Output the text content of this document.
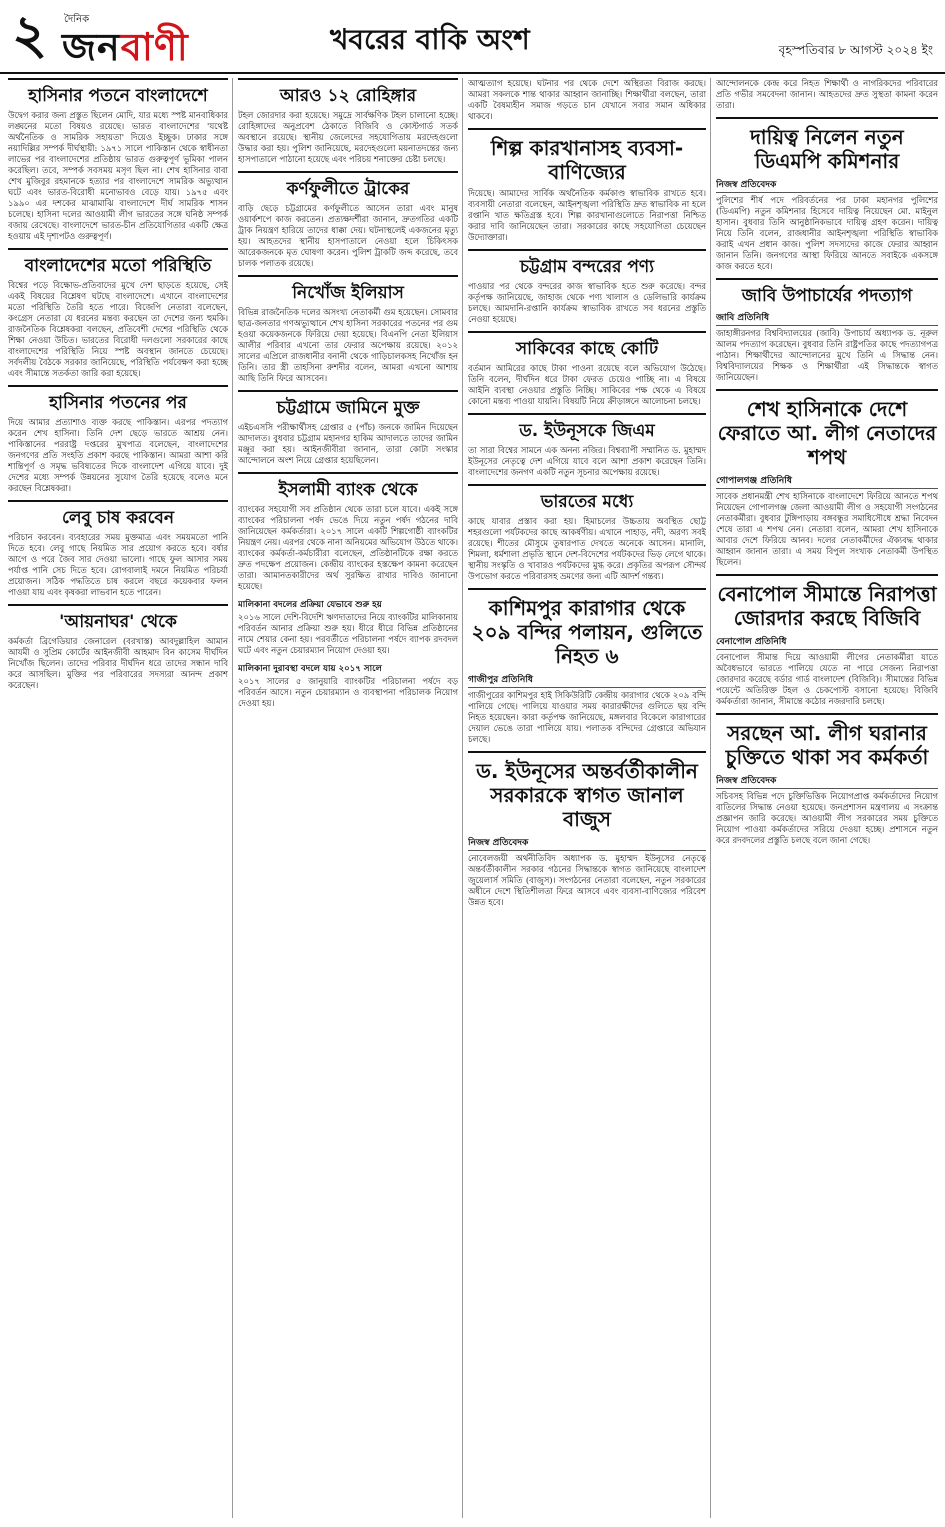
২ দৈনিক
জনবাণী	খবরের বাকি অংশ	বৃহস্পতিবার ৮ আগস্ট ২০২৪ ইং
হাসিনার পতনে বাংলাদেশে
উদ্বেগ করার জন্য প্রস্তুত ছিলেন মোদি, যার মধ্যে স্পষ্ট মানবাধিকার লঙ্ঘনের মতো বিষয়ও রয়েছে। ভারত বাংলাদেশের 'যথেষ্ট অর্থনৈতিক ও সামরিক সহায়তা' দিয়েও ইচ্ছুক। ঢাকার সঙ্গে নয়াদিল্লির সম্পর্ক দীর্ঘস্থায়ী: ১৯৭১ সালে পাকিস্তান থেকে স্বাধীনতা লাভের পর বাংলাদেশের প্রতিষ্ঠায় ভারত গুরুত্বপূর্ণ ভূমিকা পালন করেছিল। তবে, সম্পর্ক সবসময় মসৃণ ছিল না। শেখ হাসিনার বাবা শেখ মুজিবুর রহমানকে হত্যার পর বাংলাদেশে সামরিক অভ্যুত্থান ঘটে এবং ভারত-বিরোধী মনোভাবও বেড়ে যায়। ১৯৭৫ এবং ১৯৯০ এর দশকের মাঝামাঝি বাংলাদেশে দীর্ঘ সামরিক শাসন চলেছে। হাসিনা দলের আওয়ামী লীগ ভারতের সঙ্গে ঘনিষ্ঠ সম্পর্ক বজায় রেখেছে। বাংলাদেশে ভারত-চীন প্রতিযোগিতার একটি ক্ষেত্র হওয়ায় এই দৃশ্যপটও গুরুত্বপূর্ণ।
বাংলাদেশের মতো পরিস্থিতি
বিশ্বের পড়ে বিক্ষোভ-প্রতিবাদের মুখে দেশ ছাড়তে হয়েছে, সেই একই বিষয়ের বিশ্লেষণ ঘটছে বাংলাদেশে। এখানে বাংলাদেশের মতো পরিস্থিতি তৈরি হতে পারে। বিজেপি নেতারা বলেছেন, কংগ্রেস নেতারা যে ধরনের মন্তব্য করছেন তা দেশের জন্য হুমকি। রাজনৈতিক বিশ্লেষকরা বলছেন, প্রতিবেশী দেশের পরিস্থিতি থেকে শিক্ষা নেওয়া উচিত। ভারতের বিরোধী দলগুলো সরকারের কাছে বাংলাদেশের পরিস্থিতি নিয়ে স্পষ্ট অবস্থান জানতে চেয়েছে। সর্বদলীয় বৈঠকে সরকার জানিয়েছে, পরিস্থিতি পর্যবেক্ষণ করা হচ্ছে এবং সীমান্তে সতর্কতা জারি করা হয়েছে।
হাসিনার পতনের পর
দিয়ে আমার প্রত্যাশাও ব্যক্ত করছে পাকিস্তান। এরপর পদত্যাগ করেন শেখ হাসিনা। তিনি দেশ ছেড়ে ভারতে আশ্রয় নেন। পাকিস্তানের পররাষ্ট্র দপ্তরের মুখপাত্র বলেছেন, বাংলাদেশের জনগণের প্রতি সংহতি প্রকাশ করছে পাকিস্তান। আমরা আশা করি শান্তিপূর্ণ ও সমৃদ্ধ ভবিষ্যতের দিকে বাংলাদেশ এগিয়ে যাবে। দুই দেশের মধ্যে সম্পর্ক উন্নয়নের সুযোগ তৈরি হয়েছে বলেও মনে করছেন বিশ্লেষকরা।
লেবু চাষ করবেন
পরিচান করবেন। ব্যবহারের সময় মুক্তমাত্র এবং সময়মতো পানি দিতে হবে। লেবু গাছে নিয়মিত সার প্রয়োগ করতে হবে। বর্ষার আগে ও পরে জৈব সার দেওয়া ভালো। গাছে ফুল আসার সময় পর্যাপ্ত পানি সেচ দিতে হবে। রোগবালাই দমনে নিয়মিত পরিচর্যা প্রয়োজন। সঠিক পদ্ধতিতে চাষ করলে বছরে কয়েকবার ফলন পাওয়া যায় এবং কৃষকরা লাভবান হতে পারেন।
'আয়নাঘর' থেকে
কর্মকর্তা ব্রিগেডিয়ার জেনারেল (বরখাস্ত) আবদুল্লাহিল আমান আযমী ও সুপ্রিম কোর্টের আইনজীবী আহমাদ বিন কাসেম দীর্ঘদিন নিখোঁজ ছিলেন। তাদের পরিবার দীর্ঘদিন ধরে তাদের সন্ধান দাবি করে আসছিল। মুক্তির পর পরিবারের সদস্যরা আনন্দ প্রকাশ করেছেন।
আরও ১২ রোহিঙ্গার
টহল জোরদার করা হয়েছে। সমুদ্রে সার্বক্ষণিক টহল চালানো হচ্ছে। রোহিঙ্গাদের অনুপ্রবেশ ঠেকাতে বিজিবি ও কোস্টগার্ড সতর্ক অবস্থানে রয়েছে। স্থানীয় জেলেদের সহযোগিতায় মরদেহগুলো উদ্ধার করা হয়। পুলিশ জানিয়েছে, মরদেহগুলো ময়নাতদন্তের জন্য হাসপাতালে পাঠানো হয়েছে এবং পরিচয় শনাক্তের চেষ্টা চলছে।
কর্ণফুলীতে ট্রাকের
বাড়ি ছেড়ে চট্টগ্রামের কর্ণফুলীতে আসেন তারা এবং মানুষ ওয়ার্কশপে কাজ করতেন। প্রত্যক্ষদর্শীরা জানান, দ্রুতগতির একটি ট্রাক নিয়ন্ত্রণ হারিয়ে তাদের ধাক্কা দেয়। ঘটনাস্থলেই একজনের মৃত্যু হয়। আহতদের স্থানীয় হাসপাতালে নেওয়া হলে চিকিৎসক আরেকজনকে মৃত ঘোষণা করেন। পুলিশ ট্রাকটি জব্দ করেছে, তবে চালক পলাতক রয়েছে।
নিখোঁজ ইলিয়াস
বিভিন্ন রাজনৈতিক দলের অসংখ্য নেতাকর্মী গুম হয়েছেন। সোমবার ছাত্র-জনতার গণঅভ্যুত্থানে শেখ হাসিনা সরকারের পতনের পর গুম হওয়া কয়েকজনকে ফিরিয়ে দেয়া হয়েছে। বিএনপি নেতা ইলিয়াস আলীর পরিবার এখনো তার ফেরার অপেক্ষায় রয়েছে। ২০১২ সালের এপ্রিলে রাজধানীর বনানী থেকে গাড়িচালকসহ নিখোঁজ হন তিনি। তার স্ত্রী তাহসিনা রুশদীর বলেন, আমরা এখনো আশায় আছি তিনি ফিরে আসবেন।
চট্টগ্রামে জামিনে মুক্ত
এইচএসসি পরীক্ষার্থীসহ গ্রেপ্তার ৫ (পাঁচ) জনকে জামিন দিয়েছেন আদালত। বুধবার চট্টগ্রাম মহানগর হাকিম আদালতে তাদের জামিন মঞ্জুর করা হয়। আইনজীবীরা জানান, তারা কোটা সংস্কার আন্দোলনে অংশ নিয়ে গ্রেপ্তার হয়েছিলেন।
ইসলামী ব্যাংক থেকে
ব্যাংকের সহযোগী সব প্রতিষ্ঠান থেকে তারা চলে যাবে। একই সঙ্গে ব্যাংকের পরিচালনা পর্ষদ ভেঙে দিয়ে নতুন পর্ষদ গঠনের দাবি জানিয়েছেন কর্মকর্তারা। ২০১৭ সালে একটি শিল্পগোষ্ঠী ব্যাংকটির নিয়ন্ত্রণ নেয়। এরপর থেকে নানা অনিয়মের অভিযোগ উঠতে থাকে। ব্যাংকের কর্মকর্তা-কর্মচারীরা বলেছেন, প্রতিষ্ঠানটিকে রক্ষা করতে দ্রুত পদক্ষেপ প্রয়োজন। কেন্দ্রীয় ব্যাংকের হস্তক্ষেপ কামনা করেছেন তারা। আমানতকারীদের অর্থ সুরক্ষিত রাখার দাবিও জানানো হয়েছে।
মালিকানা বদলের প্রক্রিয়া যেভাবে শুরু হয়
২০১৬ সালে দেশি-বিদেশি ঋণদাতাদের নিয়ে ব্যাংকটির মালিকানায় পরিবর্তন আনার প্রক্রিয়া শুরু হয়। ধীরে ধীরে বিভিন্ন প্রতিষ্ঠানের নামে শেয়ার কেনা হয়। পরবর্তীতে পরিচালনা পর্ষদে ব্যাপক রদবদল ঘটে এবং নতুন চেয়ারম্যান নিয়োগ দেওয়া হয়।
মালিকানা দুরাবস্থা বদলে যায় ২০১৭ সালে
২০১৭ সালের ৫ জানুয়ারি ব্যাংকটির পরিচালনা পর্ষদে বড় পরিবর্তন আসে। নতুন চেয়ারম্যান ও ব্যবস্থাপনা পরিচালক নিয়োগ দেওয়া হয়।
আত্মত্যাগ হয়েছে। ঘটনার পর থেকে দেশে অস্থিরতা বিরাজ করছে। আমরা সকলকে শান্ত থাকার আহ্বান জানাচ্ছি। শিক্ষার্থীরা বলছেন, তারা একটি বৈষম্যহীন সমাজ গড়তে চান যেখানে সবার সমান অধিকার থাকবে।
শিল্প কারখানাসহ ব্যবসা-বাণিজ্যের
দিয়েছে। আমাদের সার্বিক অর্থনৈতিক কর্মকাণ্ড স্বাভাবিক রাখতে হবে। ব্যবসায়ী নেতারা বলেছেন, আইনশৃঙ্খলা পরিস্থিতি দ্রুত স্বাভাবিক না হলে রপ্তানি খাত ক্ষতিগ্রস্ত হবে। শিল্প কারখানাগুলোতে নিরাপত্তা নিশ্চিত করার দাবি জানিয়েছেন তারা। সরকারের কাছে সহযোগিতা চেয়েছেন উদ্যোক্তারা।
চট্টগ্রাম বন্দরের পণ্য
পাওয়ার পর থেকে বন্দরের কাজ স্বাভাবিক হতে শুরু করেছে। বন্দর কর্তৃপক্ষ জানিয়েছে, জাহাজ থেকে পণ্য খালাস ও ডেলিভারি কার্যক্রম চলছে। আমদানি-রপ্তানি কার্যক্রম স্বাভাবিক রাখতে সব ধরনের প্রস্তুতি নেওয়া হয়েছে।
সাকিবের কাছে কোটি
বর্তমান আমিরের কাছে টাকা পাওনা রয়েছে বলে অভিযোগ উঠেছে। তিনি বলেন, দীর্ঘদিন ধরে টাকা ফেরত চেয়েও পাচ্ছি না। এ বিষয়ে আইনি ব্যবস্থা নেওয়ার প্রস্তুতি নিচ্ছি। সাকিবের পক্ষ থেকে এ বিষয়ে কোনো মন্তব্য পাওয়া যায়নি। বিষয়টি নিয়ে ক্রীড়াঙ্গনে আলোচনা চলছে।
ড. ইউনূসকে জিএম
তা সারা বিশ্বের সামনে এক অনন্য নজির। বিশ্বব্যাপী সম্মানিত ড. মুহাম্মদ ইউনূসের নেতৃত্বে দেশ এগিয়ে যাবে বলে আশা প্রকাশ করেছেন তিনি। বাংলাদেশের জনগণ একটি নতুন সূচনার অপেক্ষায় রয়েছে।
ভারতের মধ্যে
কাছে যাবার প্রস্তাব করা হয়। হিমাচলের উচ্চতায় অবস্থিত ছোট্ট শহরগুলো পর্যটকদের কাছে আকর্ষণীয়। এখানে পাহাড়, নদী, অরণ্য সবই রয়েছে। শীতের মৌসুমে তুষারপাত দেখতে অনেকে আসেন। মানালি, শিমলা, ধর্মশালা প্রভৃতি স্থানে দেশ-বিদেশের পর্যটকদের ভিড় লেগে থাকে। স্থানীয় সংস্কৃতি ও খাবারও পর্যটকদের মুগ্ধ করে। প্রকৃতির অপরূপ সৌন্দর্য উপভোগ করতে পরিবারসহ ভ্রমণের জন্য এটি আদর্শ গন্তব্য।
কাশিমপুর কারাগার থেকে ২০৯ বন্দির পলায়ন, গুলিতে নিহত ৬
গাজীপুর প্রতিনিধি
গাজীপুরের কাশিমপুর হাই সিকিউরিটি কেন্দ্রীয় কারাগার থেকে ২০৯ বন্দি পালিয়ে গেছে। পালিয়ে যাওয়ার সময় কারারক্ষীদের গুলিতে ছয় বন্দি নিহত হয়েছেন। কারা কর্তৃপক্ষ জানিয়েছে, মঙ্গলবার বিকেলে কারাগারের দেয়াল ভেঙে তারা পালিয়ে যায়। পলাতক বন্দিদের গ্রেপ্তারে অভিযান চলছে।
ড. ইউনূসের অন্তর্বর্তীকালীন সরকারকে স্বাগত জানাল বাজুস
নিজস্ব প্রতিবেদক
নোবেলজয়ী অর্থনীতিবিদ অধ্যাপক ড. মুহাম্মদ ইউনূসের নেতৃত্বে অন্তর্বর্তীকালীন সরকার গঠনের সিদ্ধান্তকে স্বাগত জানিয়েছে বাংলাদেশ জুয়েলার্স সমিতি (বাজুস)। সংগঠনের নেতারা বলেছেন, নতুন সরকারের অধীনে দেশে স্থিতিশীলতা ফিরে আসবে এবং ব্যবসা-বাণিজ্যের পরিবেশ উন্নত হবে।
আন্দোলনকে কেন্দ্র করে নিহত শিক্ষার্থী ও নাগরিকদের পরিবারের প্রতি গভীর সমবেদনা জানান। আহতদের দ্রুত সুস্থতা কামনা করেন তারা।
দায়িত্ব নিলেন নতুন ডিএমপি কমিশনার
নিজস্ব প্রতিবেদক
পুলিশের শীর্ষ পদে পরিবর্তনের পর ঢাকা মহানগর পুলিশের (ডিএমপি) নতুন কমিশনার হিসেবে দায়িত্ব নিয়েছেন মো. মাইনুল হাসান। বুধবার তিনি আনুষ্ঠানিকভাবে দায়িত্ব গ্রহণ করেন। দায়িত্ব নিয়ে তিনি বলেন, রাজধানীর আইনশৃঙ্খলা পরিস্থিতি স্বাভাবিক করাই এখন প্রধান কাজ। পুলিশ সদস্যদের কাজে ফেরার আহ্বান জানান তিনি। জনগণের আস্থা ফিরিয়ে আনতে সবাইকে একসঙ্গে কাজ করতে হবে।
জাবি উপাচার্যের পদত্যাগ
জাবি প্রতিনিধি
জাহাঙ্গীরনগর বিশ্ববিদ্যালয়ের (জাবি) উপাচার্য অধ্যাপক ড. নূরুল আলম পদত্যাগ করেছেন। বুধবার তিনি রাষ্ট্রপতির কাছে পদত্যাগপত্র পাঠান। শিক্ষার্থীদের আন্দোলনের মুখে তিনি এ সিদ্ধান্ত নেন। বিশ্ববিদ্যালয়ের শিক্ষক ও শিক্ষার্থীরা এই সিদ্ধান্তকে স্বাগত জানিয়েছেন।
শেখ হাসিনাকে দেশে ফেরাতে আ. লীগ নেতাদের শপথ
গোপালগঞ্জ প্রতিনিধি
সাবেক প্রধানমন্ত্রী শেখ হাসিনাকে বাংলাদেশে ফিরিয়ে আনতে শপথ নিয়েছেন গোপালগঞ্জ জেলা আওয়ামী লীগ ও সহযোগী সংগঠনের নেতাকর্মীরা। বুধবার টুঙ্গিপাড়ায় বঙ্গবন্ধুর সমাধিসৌধে শ্রদ্ধা নিবেদন শেষে তারা এ শপথ নেন। নেতারা বলেন, আমরা শেখ হাসিনাকে আবার দেশে ফিরিয়ে আনব। দলের নেতাকর্মীদের ঐক্যবদ্ধ থাকার আহ্বান জানান তারা। এ সময় বিপুল সংখ্যক নেতাকর্মী উপস্থিত ছিলেন।
বেনাপোল সীমান্তে নিরাপত্তা জোরদার করছে বিজিবি
বেনাপোল প্রতিনিধি
বেনাপোল সীমান্ত দিয়ে আওয়ামী লীগের নেতাকর্মীরা যাতে অবৈধভাবে ভারতে পালিয়ে যেতে না পারে সেজন্য নিরাপত্তা জোরদার করেছে বর্ডার গার্ড বাংলাদেশ (বিজিবি)। সীমান্তের বিভিন্ন পয়েন্টে অতিরিক্ত টহল ও চেকপোস্ট বসানো হয়েছে। বিজিবি কর্মকর্তারা জানান, সীমান্তে কঠোর নজরদারি চলছে।
সরছেন আ. লীগ ঘরানার চুক্তিতে থাকা সব কর্মকর্তা
নিজস্ব প্রতিবেদক
সচিবসহ বিভিন্ন পদে চুক্তিভিত্তিক নিয়োগপ্রাপ্ত কর্মকর্তাদের নিয়োগ বাতিলের সিদ্ধান্ত নেওয়া হয়েছে। জনপ্রশাসন মন্ত্রণালয় এ সংক্রান্ত প্রজ্ঞাপন জারি করেছে। আওয়ামী লীগ সরকারের সময় চুক্তিতে নিয়োগ পাওয়া কর্মকর্তাদের সরিয়ে দেওয়া হচ্ছে। প্রশাসনে নতুন করে রদবদলের প্রস্তুতি চলছে বলে জানা গেছে।
